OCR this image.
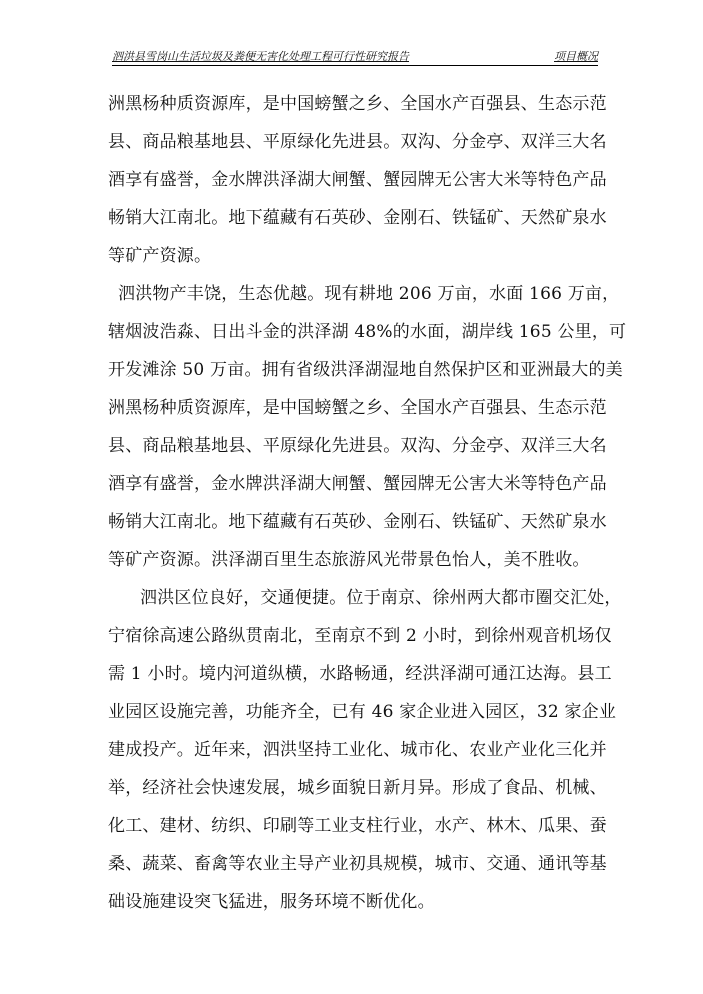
泗洪县雪岗山生活垃圾及粪便无害化处理工程可行性研究报告	项目概况
洲黑杨种质资源库，是中国螃蟹之乡、全国水产百强县、生态示范
县、商品粮基地县、平原绿化先进县。双沟、分金亭、双洋三大名
酒享有盛誉，金水牌洪泽湖大闸蟹、蟹园牌无公害大米等特色产品
畅销大江南北。地下蕴藏有石英砂、金刚石、铁锰矿、天然矿泉水
等矿产资源。
泗洪物产丰饶，生态优越。现有耕地 206 万亩，水面 166 万亩，
辖烟波浩淼、日出斗金的洪泽湖 48%的水面，湖岸线 165 公里，可
开发滩涂 50 万亩。拥有省级洪泽湖湿地自然保护区和亚洲最大的美
洲黑杨种质资源库，是中国螃蟹之乡、全国水产百强县、生态示范
县、商品粮基地县、平原绿化先进县。双沟、分金亭、双洋三大名
酒享有盛誉，金水牌洪泽湖大闸蟹、蟹园牌无公害大米等特色产品
畅销大江南北。地下蕴藏有石英砂、金刚石、铁锰矿、天然矿泉水
等矿产资源。洪泽湖百里生态旅游风光带景色怡人，美不胜收。
泗洪区位良好，交通便捷。位于南京、徐州两大都市圈交汇处，
宁宿徐高速公路纵贯南北，至南京不到 2 小时，到徐州观音机场仅
需 1 小时。境内河道纵横，水路畅通，经洪泽湖可通江达海。县工
业园区设施完善，功能齐全，已有 46 家企业进入园区，32 家企业
建成投产。近年来，泗洪坚持工业化、城市化、农业产业化三化并
举，经济社会快速发展，城乡面貌日新月异。形成了食品、机械、
化工、建材、纺织、印刷等工业支柱行业，水产、林木、瓜果、蚕
桑、蔬菜、畜禽等农业主导产业初具规模，城市、交通、通讯等基
础设施建设突飞猛进，服务环境不断优化。
